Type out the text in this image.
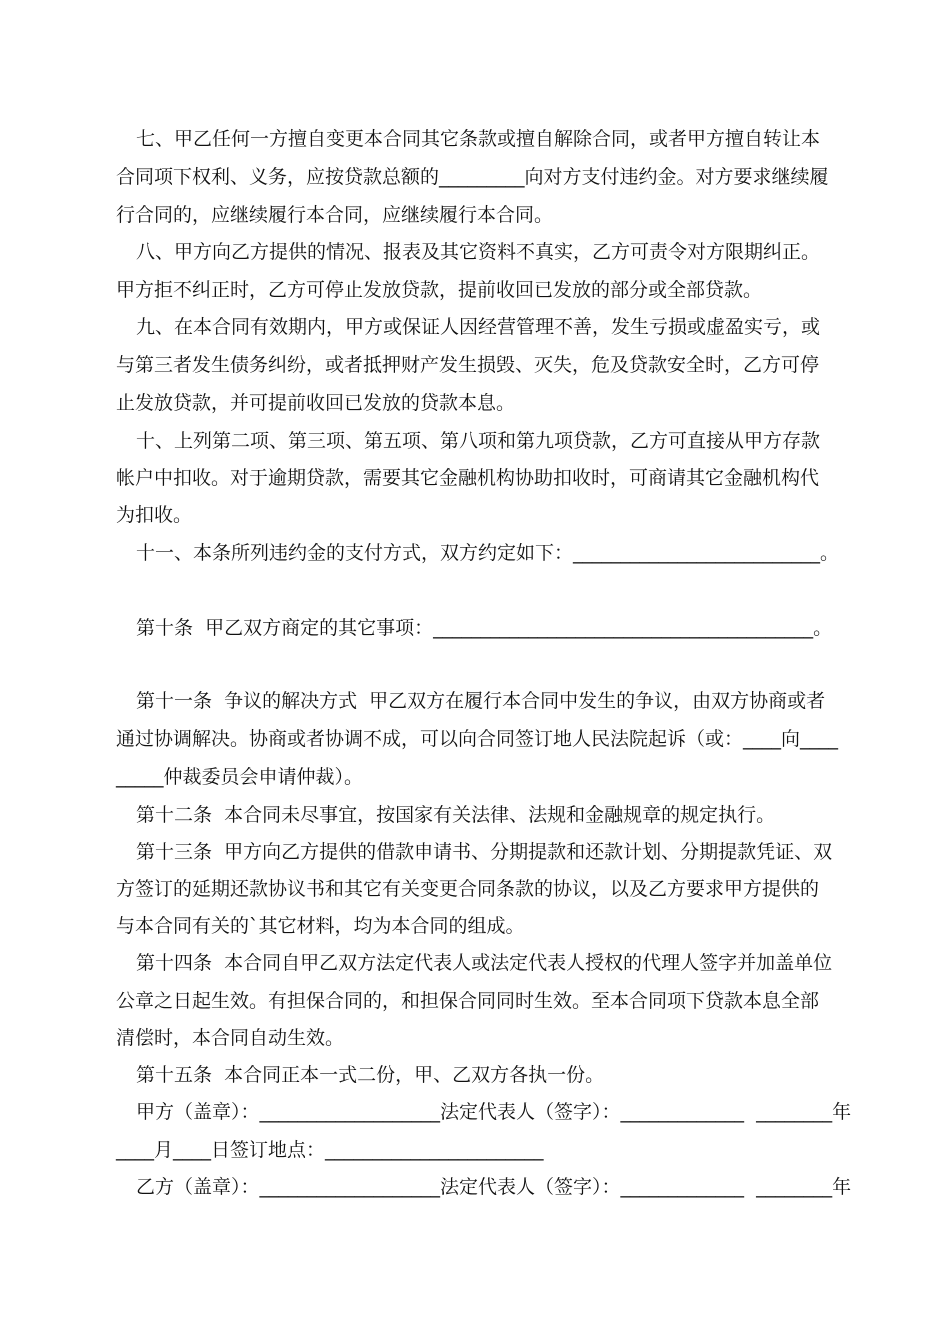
七、甲乙任何一方擅自变更本合同其它条款或擅自解除合同，或者甲方擅自转让本
合同项下权利、义务，应按贷款总额的_________向对方支付违约金。对方要求继续履
行合同的，应继续履行本合同，应继续履行本合同。
八、甲方向乙方提供的情况、报表及其它资料不真实，乙方可责令对方限期纠正。
甲方拒不纠正时，乙方可停止发放贷款，提前收回已发放的部分或全部贷款。
九、在本合同有效期内，甲方或保证人因经营管理不善，发生亏损或虚盈实亏，或
与第三者发生债务纠纷，或者抵押财产发生损毁、灭失，危及贷款安全时，乙方可停
止发放贷款，并可提前收回已发放的贷款本息。
十、上列第二项、第三项、第五项、第八项和第九项贷款，乙方可直接从甲方存款
帐户中扣收。对于逾期贷款，需要其它金融机构协助扣收时，可商请其它金融机构代
为扣收。
十一、本条所列违约金的支付方式，双方约定如下：__________________________。
第十条  甲乙双方商定的其它事项：________________________________________。
第十一条  争议的解决方式  甲乙双方在履行本合同中发生的争议，由双方协商或者
通过协调解决。协商或者协调不成，可以向合同签订地人民法院起诉（或：____向____
_____仲裁委员会申请仲裁）。
第十二条  本合同未尽事宜，按国家有关法律、法规和金融规章的规定执行。
第十三条  甲方向乙方提供的借款申请书、分期提款和还款计划、分期提款凭证、双
方签订的延期还款协议书和其它有关变更合同条款的协议，以及乙方要求甲方提供的
与本合同有关的`其它材料，均为本合同的组成。
第十四条  本合同自甲乙双方法定代表人或法定代表人授权的代理人签字并加盖单位
公章之日起生效。有担保合同的，和担保合同同时生效。至本合同项下贷款本息全部
清偿时，本合同自动生效。
第十五条  本合同正本一式二份，甲、乙双方各执一份。
甲方（盖章）：___________________法定代表人（签字）：_____________  ________年
____月____日签订地点：_______________________
乙方（盖章）：___________________法定代表人（签字）：_____________  ________年
